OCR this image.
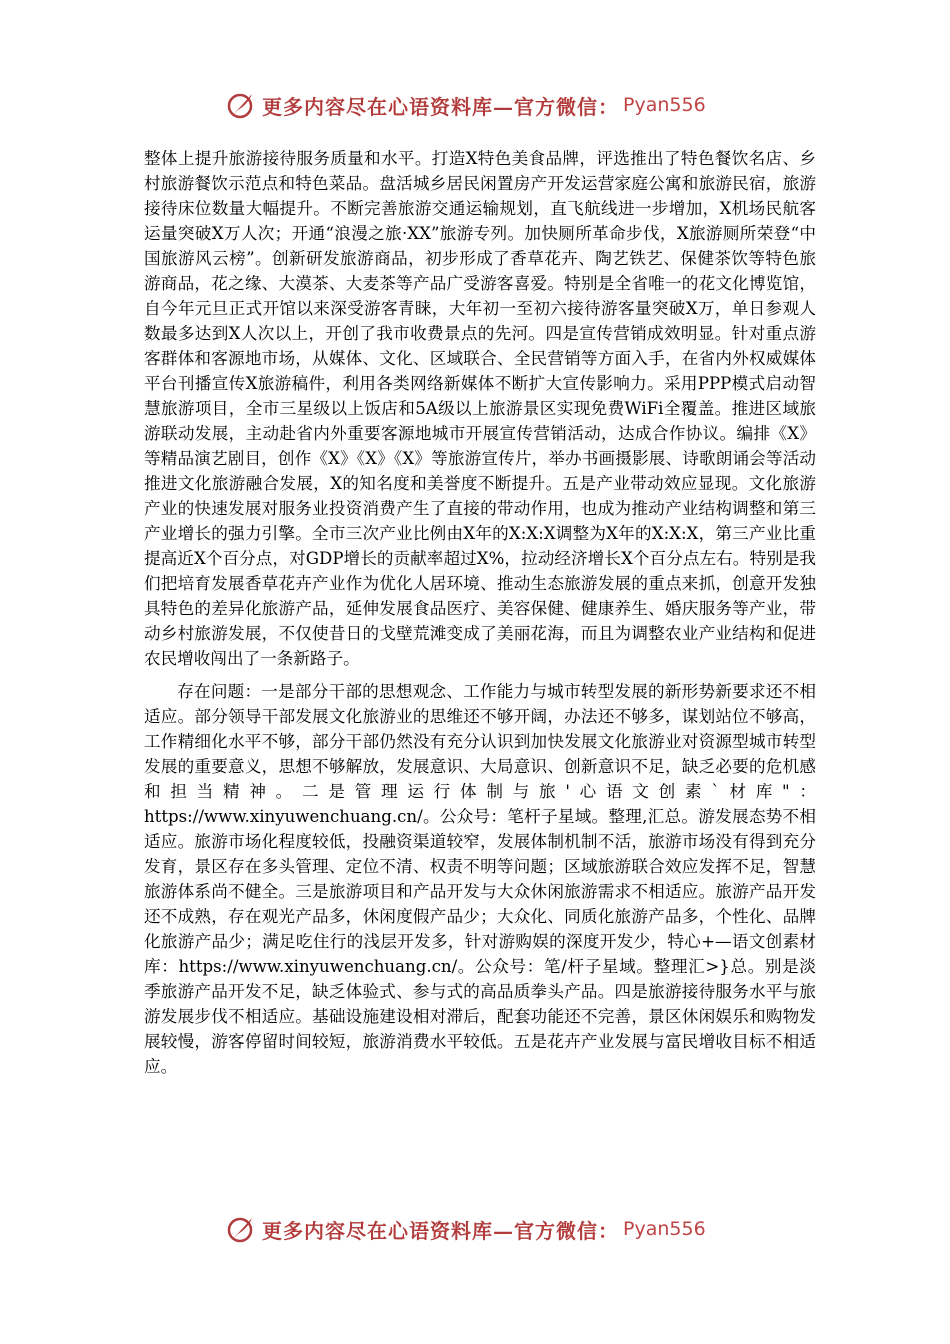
更多内容尽在心语资料库—官方微信： Pyan556

整体上提升旅游接待服务质量和水平。打造X特色美食品牌，评选推出了特色餐饮名店、乡村旅游餐饮示范点和特色菜品。盘活城乡居民闲置房产开发运营家庭公寓和旅游民宿，旅游接待床位数量大幅提升。不断完善旅游交通运输规划，直飞航线进一步增加，X机场民航客运量突破X万人次；开通“浪漫之旅·XX”旅游专列。加快厕所革命步伐，X旅游厕所荣登“中国旅游风云榜”。创新研发旅游商品，初步形成了香草花卉、陶艺铁艺、保健茶饮等特色旅游商品，花之缘、大漠茶、大麦茶等产品广受游客喜爱。特别是全省唯一的花文化博览馆，自今年元旦正式开馆以来深受游客青睐，大年初一至初六接待游客量突破X万，单日参观人数最多达到X人次以上，开创了我市收费景点的先河。四是宣传营销成效明显。针对重点游客群体和客源地市场，从媒体、文化、区域联合、全民营销等方面入手，在省内外权威媒体平台刊播宣传X旅游稿件，利用各类网络新媒体不断扩大宣传影响力。采用PPP模式启动智慧旅游项目，全市三星级以上饭店和5A级以上旅游景区实现免费WiFi全覆盖。推进区域旅游联动发展，主动赴省内外重要客源地城市开展宣传营销活动，达成合作协议。编排《X》等精品演艺剧目，创作《X》《X》《X》等旅游宣传片，举办书画摄影展、诗歌朗诵会等活动推进文化旅游融合发展，X的知名度和美誉度不断提升。五是产业带动效应显现。文化旅游产业的快速发展对服务业投资消费产生了直接的带动作用，也成为推动产业结构调整和第三产业增长的强力引擎。全市三次产业比例由X年的X:X:X调整为X年的X:X:X，第三产业比重提高近X个百分点，对GDP增长的贡献率超过X%，拉动经济增长X个百分点左右。特别是我们把培育发展香草花卉产业作为优化人居环境、推动生态旅游发展的重点来抓，创意开发独具特色的差异化旅游产品，延伸发展食品医疗、美容保健、健康养生、婚庆服务等产业，带动乡村旅游发展，不仅使昔日的戈壁荒滩变成了美丽花海，而且为调整农业产业结构和促进农民增收闯出了一条新路子。

存在问题：一是部分干部的思想观念、工作能力与城市转型发展的新形势新要求还不相适应。部分领导干部发展文化旅游业的思维还不够开阔，办法还不够多，谋划站位不够高，工作精细化水平不够，部分干部仍然没有充分认识到加快发展文化旅游业对资源型城市转型发展的重要意义，思想不够解放，发展意识、大局意识、创新意识不足，缺乏必要的危机感和担当精神。二是管理运行体制与旅'心语文创素`材库"：https://www.xinyuwenchuang.cn/。公众号：笔杆子星域。整理,汇总。游发展态势不相适应。旅游市场化程度较低，投融资渠道较窄，发展体制机制不活，旅游市场没有得到充分发育，景区存在多头管理、定位不清、权责不明等问题；区域旅游联合效应发挥不足，智慧旅游体系尚不健全。三是旅游项目和产品开发与大众休闲旅游需求不相适应。旅游产品开发还不成熟，存在观光产品多，休闲度假产品少；大众化、同质化旅游产品多，个性化、品牌化旅游产品少；满足吃住行的浅层开发多，针对游购娱的深度开发少，特心+—语文创素材库：https://www.xinyuwenchuang.cn/。公众号：笔/杆子星域。整理汇>}总。别是淡季旅游产品开发不足，缺乏体验式、参与式的高品质拳头产品。四是旅游接待服务水平与旅游发展步伐不相适应。基础设施建设相对滞后，配套功能还不完善，景区休闲娱乐和购物发展较慢，游客停留时间较短，旅游消费水平较低。五是花卉产业发展与富民增收目标不相适应。

更多内容尽在心语资料库—官方微信： Pyan556
